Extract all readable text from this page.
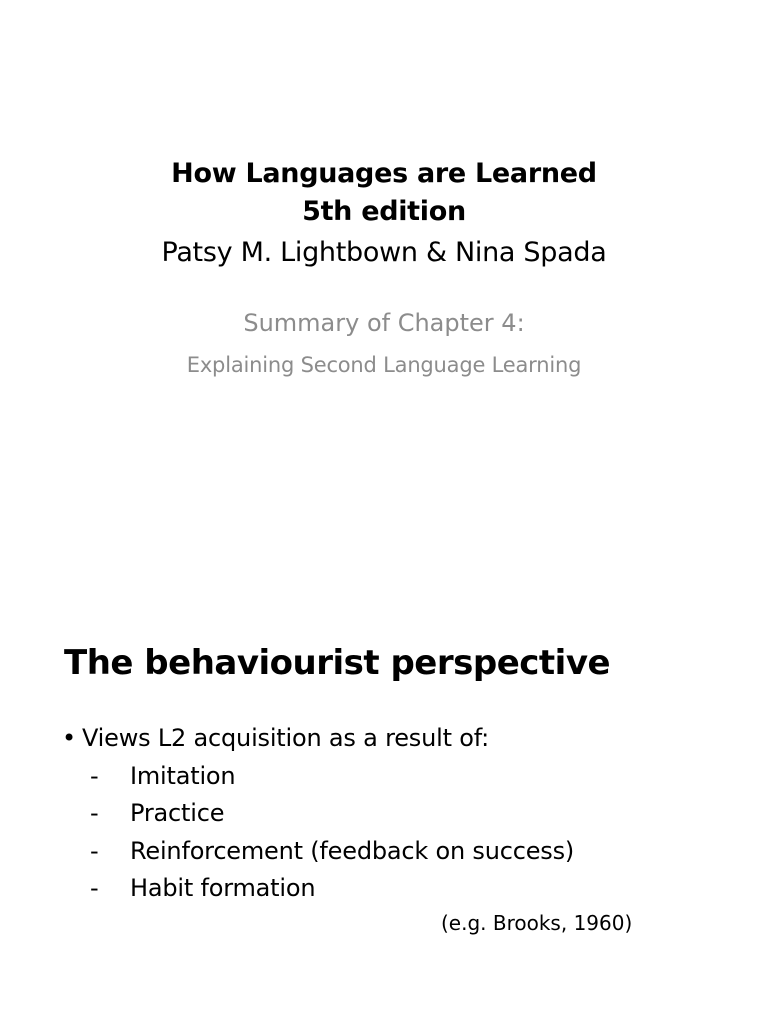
How Languages are Learned
5th edition
Patsy M. Lightbown & Nina Spada
Summary of Chapter 4:
Explaining Second Language Learning
The behaviourist perspective
• Views L2 acquisition as a result of:
- Imitation
- Practice
- Reinforcement (feedback on success)
- Habit formation
(e.g. Brooks, 1960)
